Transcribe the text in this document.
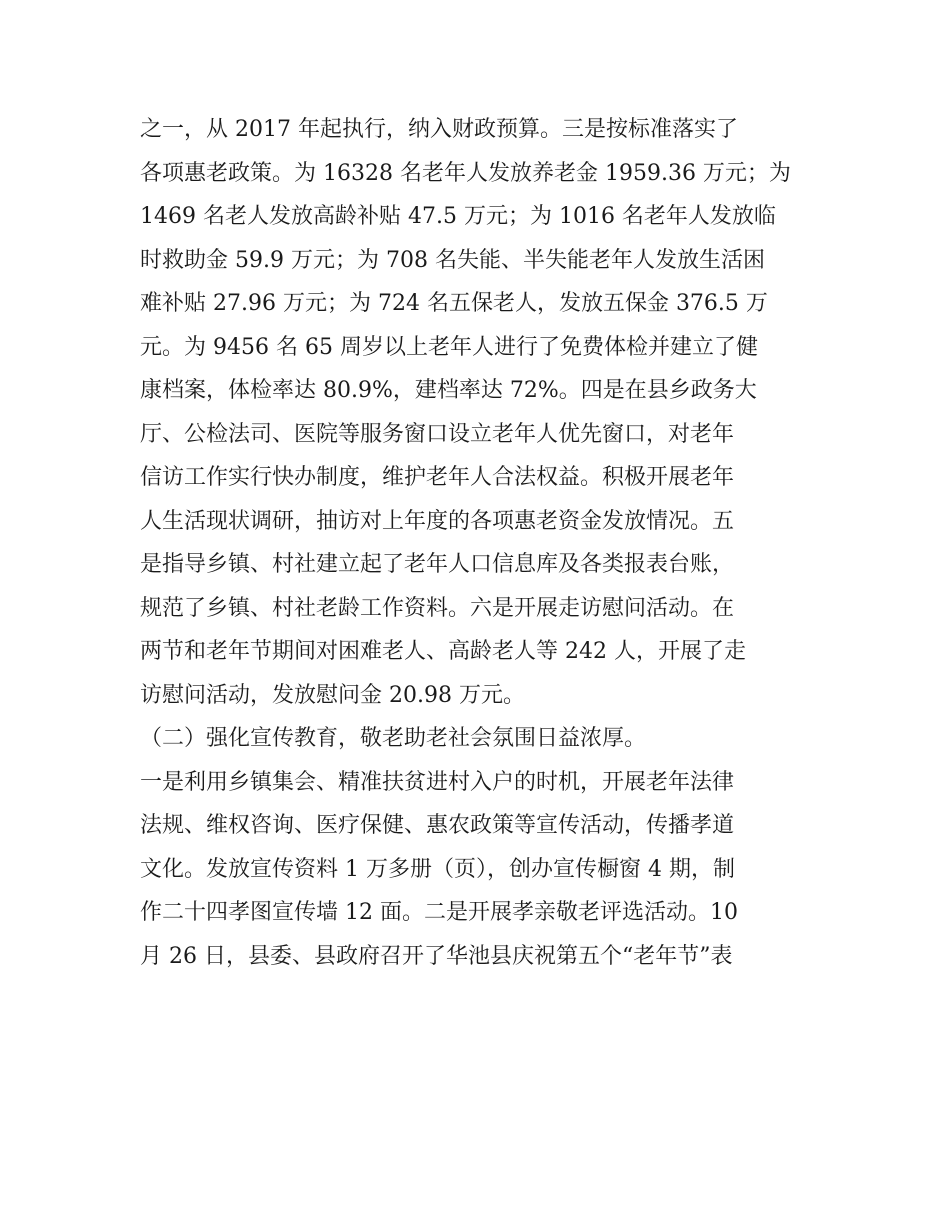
之一，从 2017 年起执行，纳入财政预算。三是按标准落实了
各项惠老政策。为 16328 名老年人发放养老金 1959.36 万元；为
1469 名老人发放高龄补贴 47.5 万元；为 1016 名老年人发放临
时救助金 59.9 万元；为 708 名失能、半失能老年人发放生活困
难补贴 27.96 万元；为 724 名五保老人，发放五保金 376.5 万
元。为 9456 名 65 周岁以上老年人进行了免费体检并建立了健
康档案，体检率达 80.9%，建档率达 72%。四是在县乡政务大
厅、公检法司、医院等服务窗口设立老年人优先窗口，对老年
信访工作实行快办制度，维护老年人合法权益。积极开展老年
人生活现状调研，抽访对上年度的各项惠老资金发放情况。五
是指导乡镇、村社建立起了老年人口信息库及各类报表台账，
规范了乡镇、村社老龄工作资料。六是开展走访慰问活动。在
两节和老年节期间对困难老人、高龄老人等 242 人，开展了走
访慰问活动，发放慰问金 20.98 万元。
（二）强化宣传教育，敬老助老社会氛围日益浓厚。
一是利用乡镇集会、精准扶贫进村入户的时机，开展老年法律
法规、维权咨询、医疗保健、惠农政策等宣传活动，传播孝道
文化。发放宣传资料 1 万多册（页），创办宣传橱窗 4 期，制
作二十四孝图宣传墙 12 面。二是开展孝亲敬老评选活动。10
月 26 日，县委、县政府召开了华池县庆祝第五个“老年节”表
